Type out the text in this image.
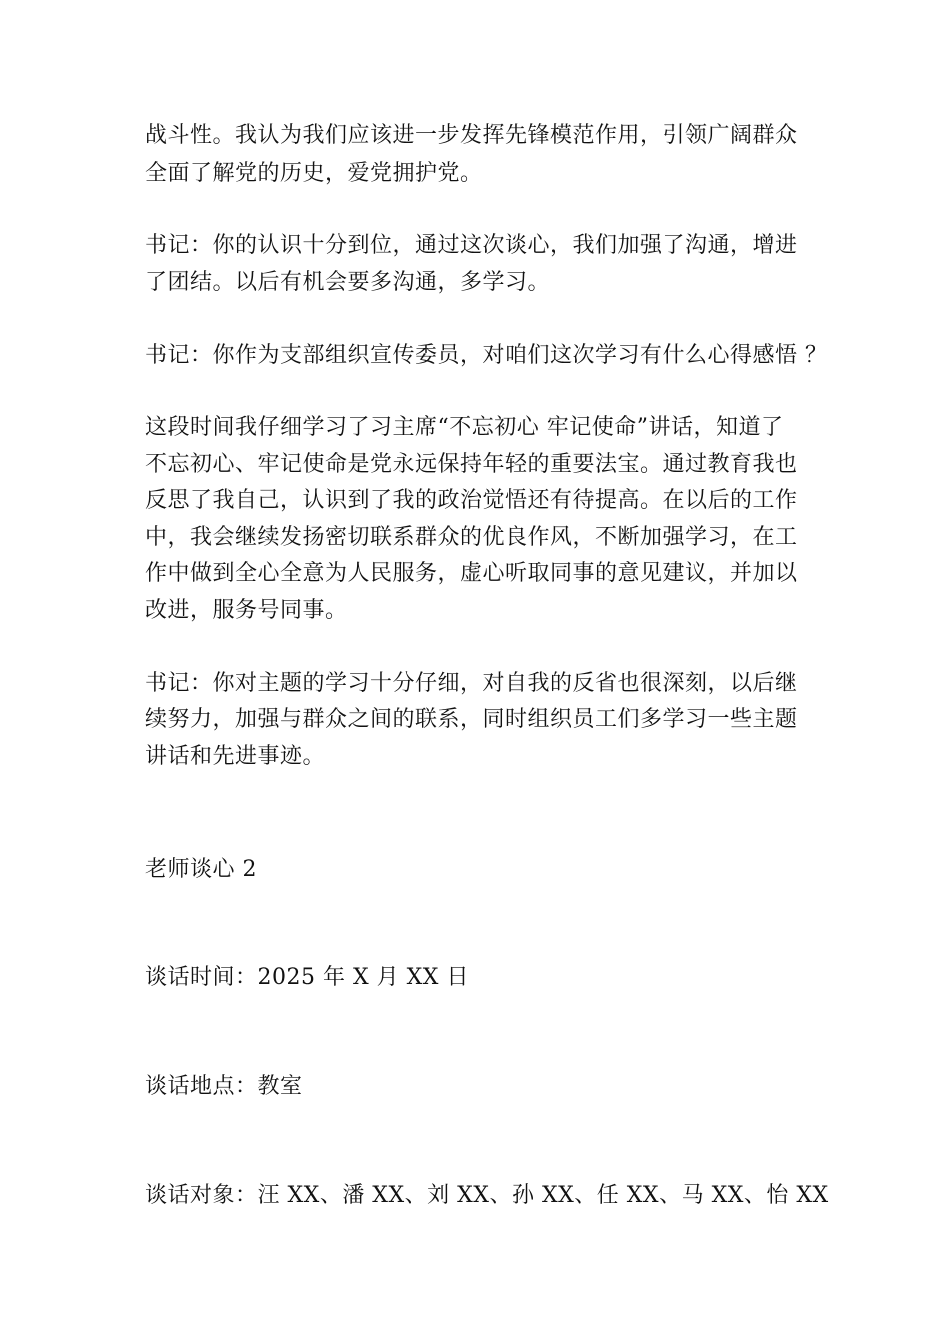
战斗性。我认为我们应该进一步发挥先锋模范作用，引领广阔群众
全面了解党的历史，爱党拥护党。
书记：你的认识十分到位，通过这次谈心，我们加强了沟通，增进
了团结。以后有机会要多沟通，多学习。
书记：你作为支部组织宣传委员，对咱们这次学习有什么心得感悟 ？
这段时间我仔细学习了习主席“不忘初心 牢记使命”讲话，知道了
不忘初心、牢记使命是党永远保持年轻的重要法宝。通过教育我也
反思了我自己，认识到了我的政治觉悟还有待提高。在以后的工作
中，我会继续发扬密切联系群众的优良作风，不断加强学习，在工
作中做到全心全意为人民服务，虚心听取同事的意见建议，并加以
改进，服务号同事。
书记：你对主题的学习十分仔细，对自我的反省也很深刻，以后继
续努力，加强与群众之间的联系，同时组织员工们多学习一些主题
讲话和先进事迹。
老师谈心 2
谈话时间：2025 年 X 月 XX 日
谈话地点：教室
谈话对象：汪 XX、潘 XX、刘 XX、孙 XX、任 XX、马 XX、怡 XX
